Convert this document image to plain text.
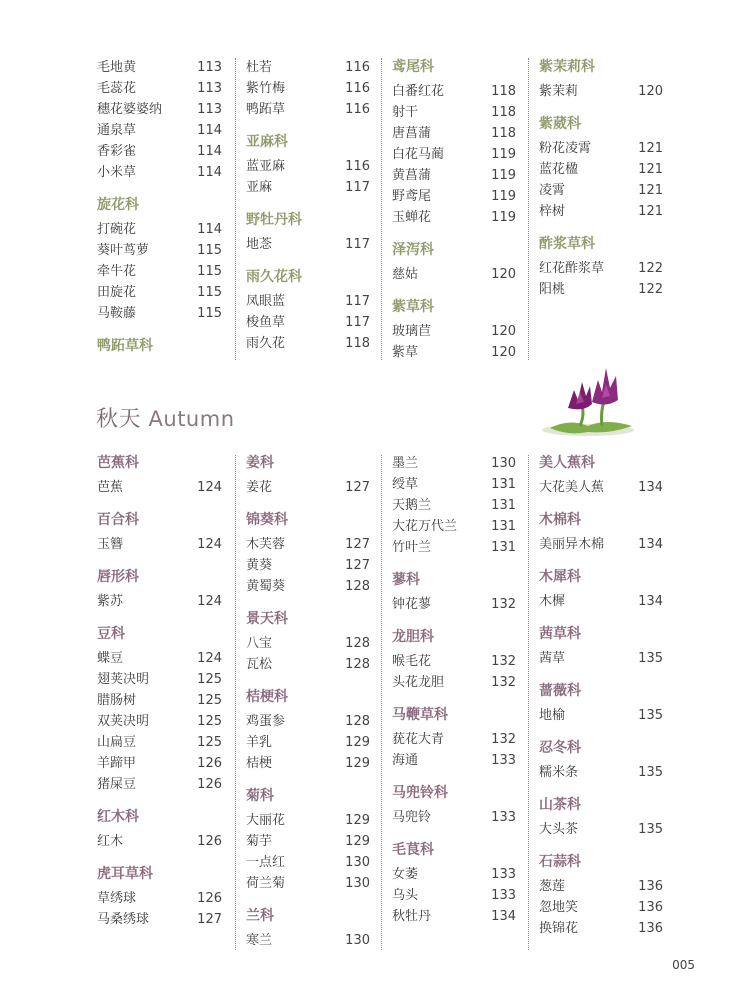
毛地黄	113
毛蕊花	113
穗花婆婆纳	113
通泉草	114
香彩雀	114
小米草	114
旋花科
打碗花	114
葵叶茑萝	115
牵牛花	115
田旋花	115
马鞍藤	115
鸭跖草科
杜若	116
紫竹梅	116
鸭跖草	116
亚麻科
蓝亚麻	116
亚麻	117
野牡丹科
地菍	117
雨久花科
凤眼蓝	117
梭鱼草	117
雨久花	118
鸢尾科
白番红花	118
射干	118
唐菖蒲	118
白花马蔺	119
黄菖蒲	119
野鸢尾	119
玉蝉花	119
泽泻科
慈姑	120
紫草科
玻璃苣	120
紫草	120
紫茉莉科
紫茉莉	120
紫葳科
粉花凌霄	121
蓝花楹	121
凌霄	121
梓树	121
酢浆草科
红花酢浆草	122
阳桃	122
秋天 Autumn
芭蕉科
芭蕉	124
百合科
玉簪	124
唇形科
紫苏	124
豆科
蝶豆	124
翅荚决明	125
腊肠树	125
双荚决明	125
山扁豆	125
羊蹄甲	126
猪屎豆	126
红木科
红木	126
虎耳草科
草绣球	126
马桑绣球	127
姜科
姜花	127
锦葵科
木芙蓉	127
黄葵	127
黄蜀葵	128
景天科
八宝	128
瓦松	128
桔梗科
鸡蛋参	128
羊乳	129
桔梗	129
菊科
大丽花	129
菊芋	129
一点红	130
荷兰菊	130
兰科
寒兰	130
墨兰	130
绶草	131
天鹅兰	131
大花万代兰	131
竹叶兰	131
蓼科
钟花蓼	132
龙胆科
喉毛花	132
头花龙胆	132
马鞭草科
莸花大青	132
海通	133
马兜铃科
马兜铃	133
毛茛科
女萎	133
乌头	133
秋牡丹	134
美人蕉科
大花美人蕉	134
木棉科
美丽异木棉	134
木犀科
木樨	134
茜草科
茜草	135
蔷薇科
地榆	135
忍冬科
糯米条	135
山茶科
大头茶	135
石蒜科
葱莲	136
忽地笑	136
换锦花	136
005
